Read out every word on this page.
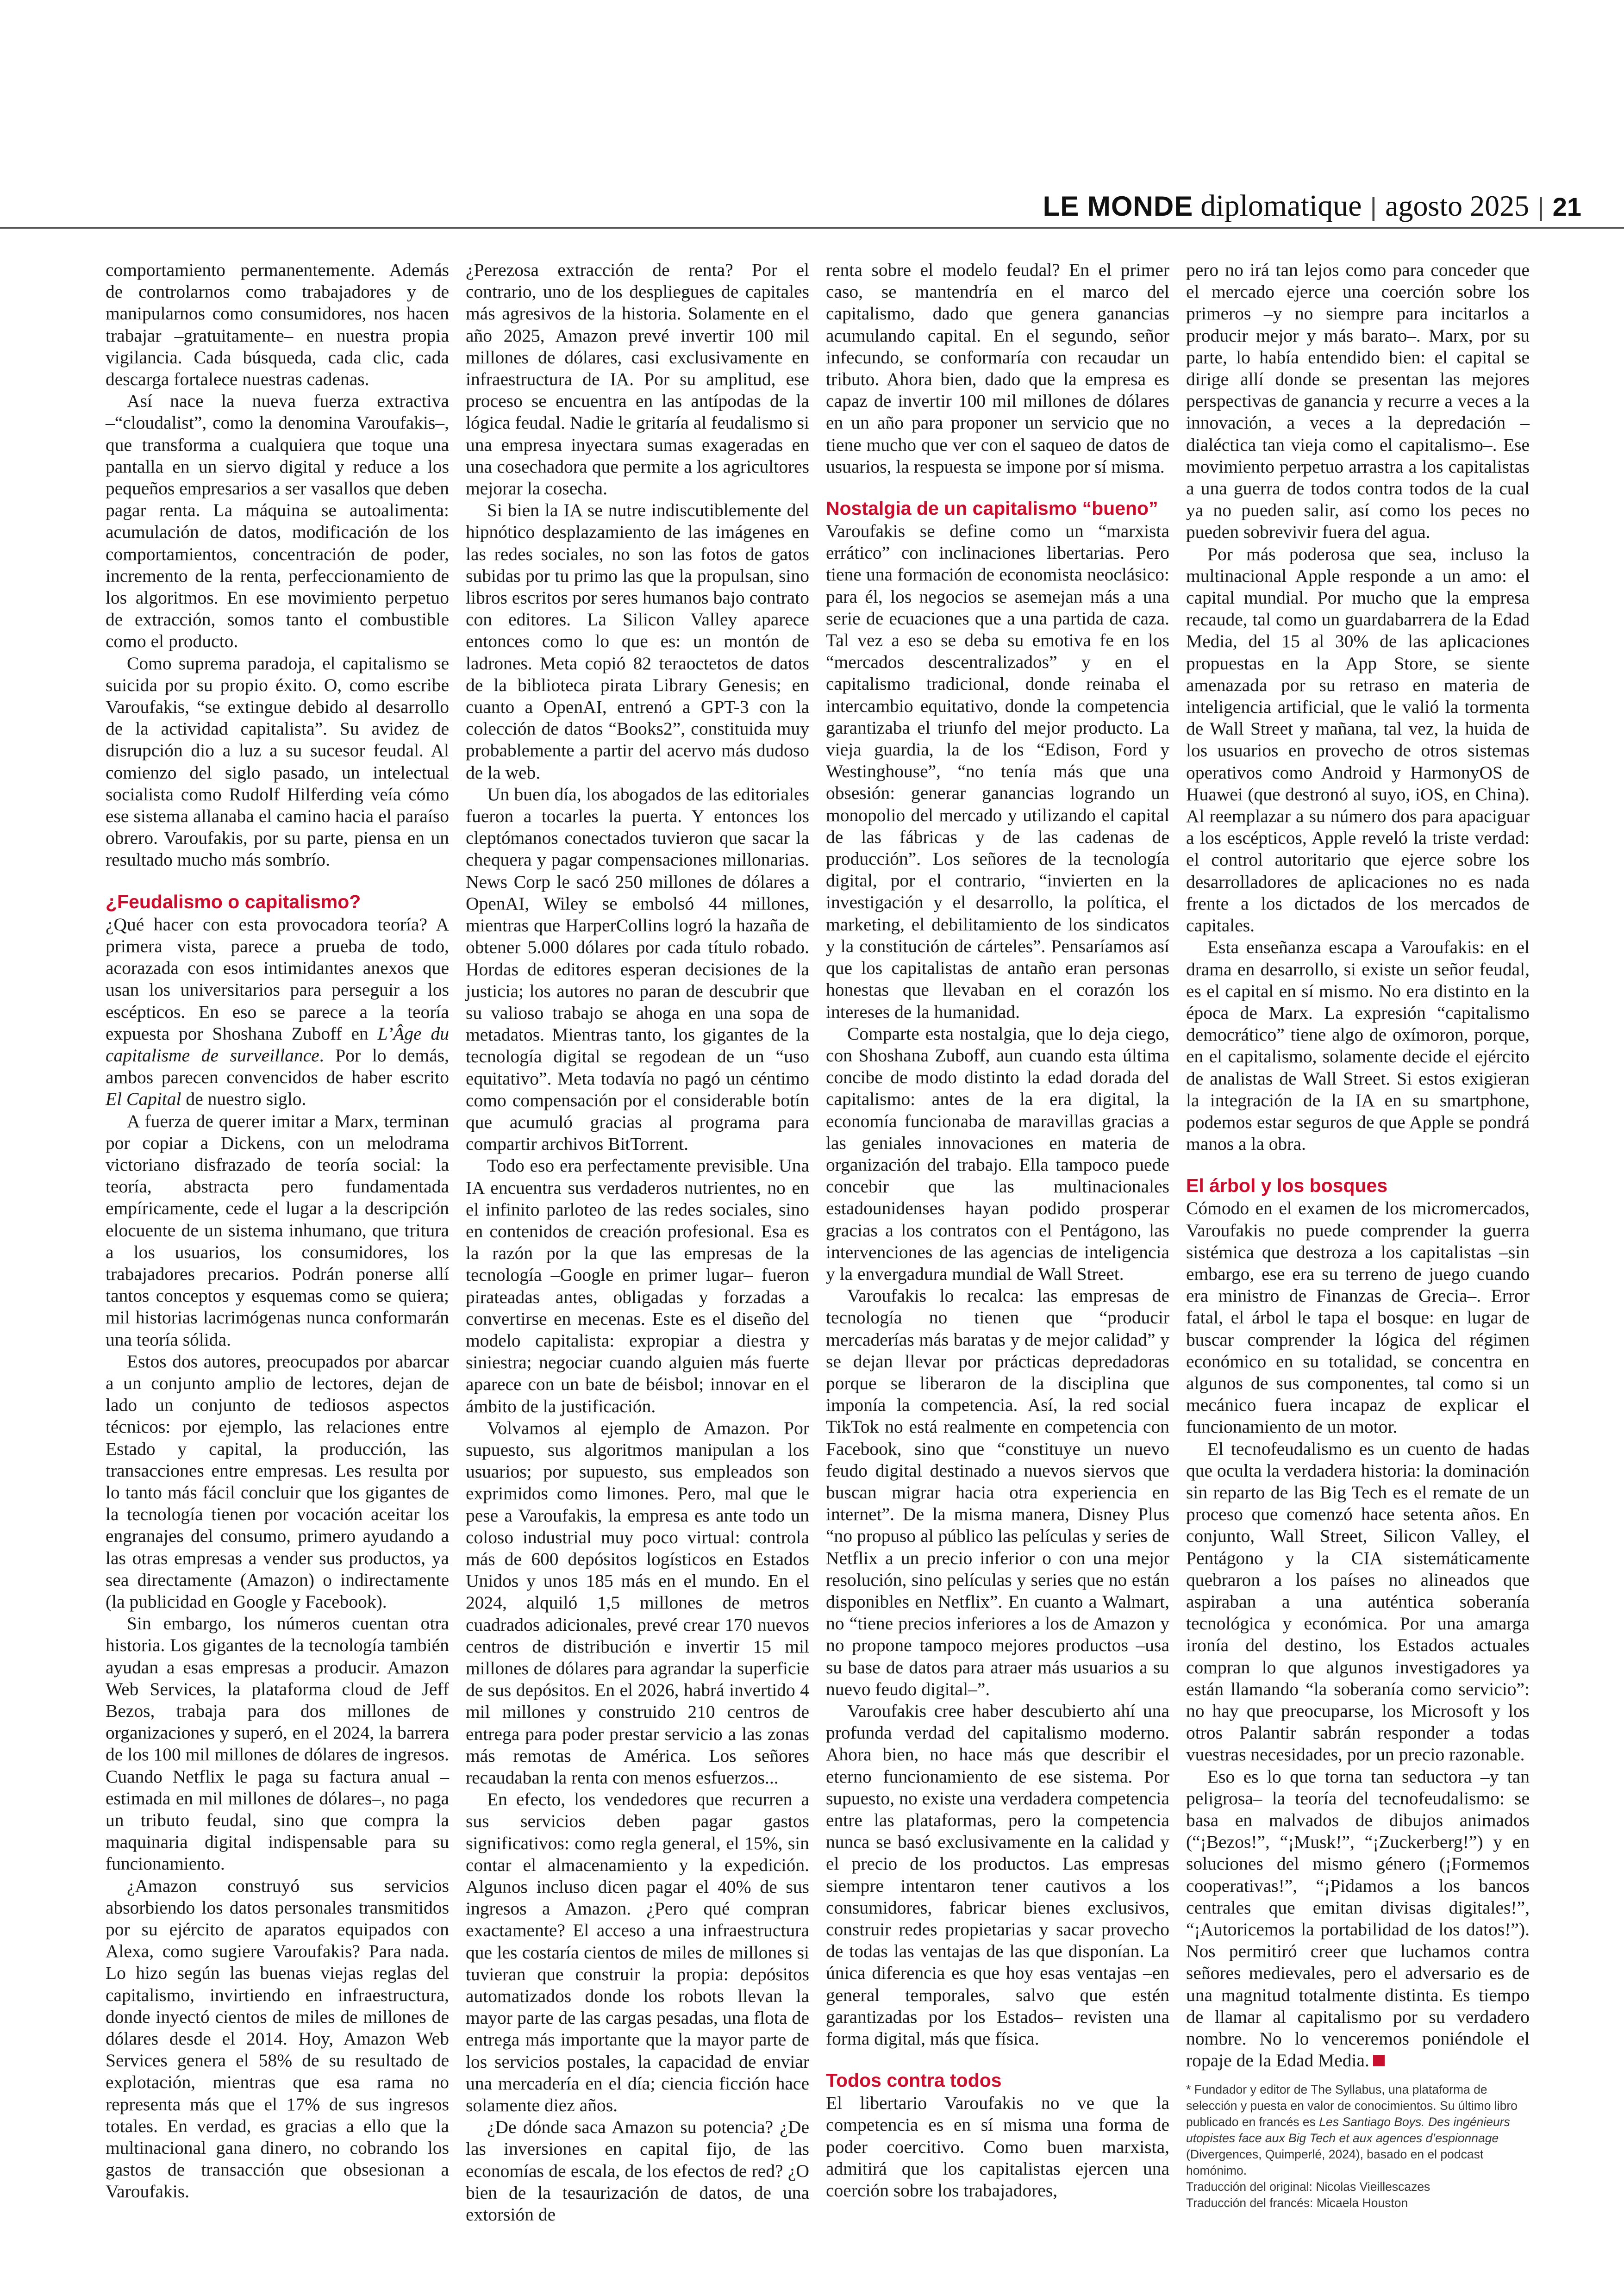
LE MONDE diplomatique | agosto 2025 | 21

comportamiento permanentemente. Además de controlarnos como trabajadores y de manipularnos como consumidores, nos hacen trabajar –gratuitamente– en nuestra propia vigilancia. Cada búsqueda, cada clic, cada descarga fortalece nuestras cadenas.

Así nace la nueva fuerza extractiva –“cloudalist”, como la denomina Varoufakis–, que transforma a cualquiera que toque una pantalla en un siervo digital y reduce a los pequeños empresarios a ser vasallos que deben pagar renta. La máquina se autoalimenta: acumulación de datos, modificación de los comportamientos, concentración de poder, incremento de la renta, perfeccionamiento de los algoritmos. En ese movimiento perpetuo de extracción, somos tanto el combustible como el producto.

Como suprema paradoja, el capitalismo se suicida por su propio éxito. O, como escribe Varoufakis, “se extingue debido al desarrollo de la actividad capitalista”. Su avidez de disrupción dio a luz a su sucesor feudal. Al comienzo del siglo pasado, un intelectual socialista como Rudolf Hilferding veía cómo ese sistema allanaba el camino hacia el paraíso obrero. Varoufakis, por su parte, piensa en un resultado mucho más sombrío.

¿Feudalismo o capitalismo?

¿Qué hacer con esta provocadora teoría? A primera vista, parece a prueba de todo, acorazada con esos intimidantes anexos que usan los universitarios para perseguir a los escépticos. En eso se parece a la teoría expuesta por Shoshana Zuboff en L’Âge du capitalisme de surveillance. Por lo demás, ambos parecen convencidos de haber escrito El Capital de nuestro siglo.

A fuerza de querer imitar a Marx, terminan por copiar a Dickens, con un melodrama victoriano disfrazado de teoría social: la teoría, abstracta pero fundamentada empíricamente, cede el lugar a la descripción elocuente de un sistema inhumano, que tritura a los usuarios, los consumidores, los trabajadores precarios. Podrán ponerse allí tantos conceptos y esquemas como se quiera; mil historias lacrimógenas nunca conformarán una teoría sólida.

Estos dos autores, preocupados por abarcar a un conjunto amplio de lectores, dejan de lado un conjunto de tediosos aspectos técnicos: por ejemplo, las relaciones entre Estado y capital, la producción, las transacciones entre empresas. Les resulta por lo tanto más fácil concluir que los gigantes de la tecnología tienen por vocación aceitar los engranajes del consumo, primero ayudando a las otras empresas a vender sus productos, ya sea directamente (Amazon) o indirectamente (la publicidad en Google y Facebook).

Sin embargo, los números cuentan otra historia. Los gigantes de la tecnología también ayudan a esas empresas a producir. Amazon Web Services, la plataforma cloud de Jeff Bezos, trabaja para dos millones de organizaciones y superó, en el 2024, la barrera de los 100 mil millones de dólares de ingresos. Cuando Netflix le paga su factura anual –estimada en mil millones de dólares–, no paga un tributo feudal, sino que compra la maquinaria digital indispensable para su funcionamiento.

¿Amazon construyó sus servicios absorbiendo los datos personales transmitidos por su ejército de aparatos equipados con Alexa, como sugiere Varoufakis? Para nada. Lo hizo según las buenas viejas reglas del capitalismo, invirtiendo en infraestructura, donde inyectó cientos de miles de millones de dólares desde el 2014. Hoy, Amazon Web Services genera el 58% de su resultado de explotación, mientras que esa rama no representa más que el 17% de sus ingresos totales. En verdad, es gracias a ello que la multinacional gana dinero, no cobrando los gastos de transacción que obsesionan a Varoufakis.

¿Perezosa extracción de renta? Por el contrario, uno de los despliegues de capitales más agresivos de la historia. Solamente en el año 2025, Amazon prevé invertir 100 mil millones de dólares, casi exclusivamente en infraestructura de IA. Por su amplitud, ese proceso se encuentra en las antípodas de la lógica feudal. Nadie le gritaría al feudalismo si una empresa inyectara sumas exageradas en una cosechadora que permite a los agricultores mejorar la cosecha.

Si bien la IA se nutre indiscutiblemente del hipnótico desplazamiento de las imágenes en las redes sociales, no son las fotos de gatos subidas por tu primo las que la propulsan, sino libros escritos por seres humanos bajo contrato con editores. La Silicon Valley aparece entonces como lo que es: un montón de ladrones. Meta copió 82 teraoctetos de datos de la biblioteca pirata Library Genesis; en cuanto a OpenAI, entrenó a GPT-3 con la colección de datos “Books2”, constituida muy probablemente a partir del acervo más dudoso de la web.

Un buen día, los abogados de las editoriales fueron a tocarles la puerta. Y entonces los cleptómanos conectados tuvieron que sacar la chequera y pagar compensaciones millonarias. News Corp le sacó 250 millones de dólares a OpenAI, Wiley se embolsó 44 millones, mientras que HarperCollins logró la hazaña de obtener 5.000 dólares por cada título robado. Hordas de editores esperan decisiones de la justicia; los autores no paran de descubrir que su valioso trabajo se ahoga en una sopa de metadatos. Mientras tanto, los gigantes de la tecnología digital se regodean de un “uso equitativo”. Meta todavía no pagó un céntimo como compensación por el considerable botín que acumuló gracias al programa para compartir archivos BitTorrent.

Todo eso era perfectamente previsible. Una IA encuentra sus verdaderos nutrientes, no en el infinito parloteo de las redes sociales, sino en contenidos de creación profesional. Esa es la razón por la que las empresas de la tecnología –Google en primer lugar– fueron pirateadas antes, obligadas y forzadas a convertirse en mecenas. Este es el diseño del modelo capitalista: expropiar a diestra y siniestra; negociar cuando alguien más fuerte aparece con un bate de béisbol; innovar en el ámbito de la justificación.

Volvamos al ejemplo de Amazon. Por supuesto, sus algoritmos manipulan a los usuarios; por supuesto, sus empleados son exprimidos como limones. Pero, mal que le pese a Varoufakis, la empresa es ante todo un coloso industrial muy poco virtual: controla más de 600 depósitos logísticos en Estados Unidos y unos 185 más en el mundo. En el 2024, alquiló 1,5 millones de metros cuadrados adicionales, prevé crear 170 nuevos centros de distribución e invertir 15 mil millones de dólares para agrandar la superficie de sus depósitos. En el 2026, habrá invertido 4 mil millones y construido 210 centros de entrega para poder prestar servicio a las zonas más remotas de América. Los señores recaudaban la renta con menos esfuerzos...

En efecto, los vendedores que recurren a sus servicios deben pagar gastos significativos: como regla general, el 15%, sin contar el almacenamiento y la expedición. Algunos incluso dicen pagar el 40% de sus ingresos a Amazon. ¿Pero qué compran exactamente? El acceso a una infraestructura que les costaría cientos de miles de millones si tuvieran que construir la propia: depósitos automatizados donde los robots llevan la mayor parte de las cargas pesadas, una flota de entrega más importante que la mayor parte de los servicios postales, la capacidad de enviar una mercadería en el día; ciencia ficción hace solamente diez años.

¿De dónde saca Amazon su potencia? ¿De las inversiones en capital fijo, de las economías de escala, de los efectos de red? ¿O bien de la tesaurización de datos, de una extorsión de

renta sobre el modelo feudal? En el primer caso, se mantendría en el marco del capitalismo, dado que genera ganancias acumulando capital. En el segundo, señor infecundo, se conformaría con recaudar un tributo. Ahora bien, dado que la empresa es capaz de invertir 100 mil millones de dólares en un año para proponer un servicio que no tiene mucho que ver con el saqueo de datos de usuarios, la respuesta se impone por sí misma.

Nostalgia de un capitalismo “bueno”

Varoufakis se define como un “marxista errático” con inclinaciones libertarias. Pero tiene una formación de economista neoclásico: para él, los negocios se asemejan más a una serie de ecuaciones que a una partida de caza. Tal vez a eso se deba su emotiva fe en los “mercados descentralizados” y en el capitalismo tradicional, donde reinaba el intercambio equitativo, donde la competencia garantizaba el triunfo del mejor producto. La vieja guardia, la de los “Edison, Ford y Westinghouse”, “no tenía más que una obsesión: generar ganancias logrando un monopolio del mercado y utilizando el capital de las fábricas y de las cadenas de producción”. Los señores de la tecnología digital, por el contrario, “invierten en la investigación y el desarrollo, la política, el marketing, el debilitamiento de los sindicatos y la constitución de cárteles”. Pensaríamos así que los capitalistas de antaño eran personas honestas que llevaban en el corazón los intereses de la humanidad.

Comparte esta nostalgia, que lo deja ciego, con Shoshana Zuboff, aun cuando esta última concibe de modo distinto la edad dorada del capitalismo: antes de la era digital, la economía funcionaba de maravillas gracias a las geniales innovaciones en materia de organización del trabajo. Ella tampoco puede concebir que las multinacionales estadounidenses hayan podido prosperar gracias a los contratos con el Pentágono, las intervenciones de las agencias de inteligencia y la envergadura mundial de Wall Street.

Varoufakis lo recalca: las empresas de tecnología no tienen que “producir mercaderías más baratas y de mejor calidad” y se dejan llevar por prácticas depredadoras porque se liberaron de la disciplina que imponía la competencia. Así, la red social TikTok no está realmente en competencia con Facebook, sino que “constituye un nuevo feudo digital destinado a nuevos siervos que buscan migrar hacia otra experiencia en internet”. De la misma manera, Disney Plus “no propuso al público las películas y series de Netflix a un precio inferior o con una mejor resolución, sino películas y series que no están disponibles en Netflix”. En cuanto a Walmart, no “tiene precios inferiores a los de Amazon y no propone tampoco mejores productos –usa su base de datos para atraer más usuarios a su nuevo feudo digital–”.

Varoufakis cree haber descubierto ahí una profunda verdad del capitalismo moderno. Ahora bien, no hace más que describir el eterno funcionamiento de ese sistema. Por supuesto, no existe una verdadera competencia entre las plataformas, pero la competencia nunca se basó exclusivamente en la calidad y el precio de los productos. Las empresas siempre intentaron tener cautivos a los consumidores, fabricar bienes exclusivos, construir redes propietarias y sacar provecho de todas las ventajas de las que disponían. La única diferencia es que hoy esas ventajas –en general temporales, salvo que estén garantizadas por los Estados– revisten una forma digital, más que física.

Todos contra todos

El libertario Varoufakis no ve que la competencia es en sí misma una forma de poder coercitivo. Como buen marxista, admitirá que los capitalistas ejercen una coerción sobre los trabajadores,

pero no irá tan lejos como para conceder que el mercado ejerce una coerción sobre los primeros –y no siempre para incitarlos a producir mejor y más barato–. Marx, por su parte, lo había entendido bien: el capital se dirige allí donde se presentan las mejores perspectivas de ganancia y recurre a veces a la innovación, a veces a la depredación –dialéctica tan vieja como el capitalismo–. Ese movimiento perpetuo arrastra a los capitalistas a una guerra de todos contra todos de la cual ya no pueden salir, así como los peces no pueden sobrevivir fuera del agua.

Por más poderosa que sea, incluso la multinacional Apple responde a un amo: el capital mundial. Por mucho que la empresa recaude, tal como un guardabarrera de la Edad Media, del 15 al 30% de las aplicaciones propuestas en la App Store, se siente amenazada por su retraso en materia de inteligencia artificial, que le valió la tormenta de Wall Street y mañana, tal vez, la huida de los usuarios en provecho de otros sistemas operativos como Android y HarmonyOS de Huawei (que destronó al suyo, iOS, en China). Al reemplazar a su número dos para apaciguar a los escépticos, Apple reveló la triste verdad: el control autoritario que ejerce sobre los desarrolladores de aplicaciones no es nada frente a los dictados de los mercados de capitales.

Esta enseñanza escapa a Varoufakis: en el drama en desarrollo, si existe un señor feudal, es el capital en sí mismo. No era distinto en la época de Marx. La expresión “capitalismo democrático” tiene algo de oxímoron, porque, en el capitalismo, solamente decide el ejército de analistas de Wall Street. Si estos exigieran la integración de la IA en su smartphone, podemos estar seguros de que Apple se pondrá manos a la obra.

El árbol y los bosques

Cómodo en el examen de los micromercados, Varoufakis no puede comprender la guerra sistémica que destroza a los capitalistas –sin embargo, ese era su terreno de juego cuando era ministro de Finanzas de Grecia–. Error fatal, el árbol le tapa el bosque: en lugar de buscar comprender la lógica del régimen económico en su totalidad, se concentra en algunos de sus componentes, tal como si un mecánico fuera incapaz de explicar el funcionamiento de un motor.

El tecnofeudalismo es un cuento de hadas que oculta la verdadera historia: la dominación sin reparto de las Big Tech es el remate de un proceso que comenzó hace setenta años. En conjunto, Wall Street, Silicon Valley, el Pentágono y la CIA sistemáticamente quebraron a los países no alineados que aspiraban a una auténtica soberanía tecnológica y económica. Por una amarga ironía del destino, los Estados actuales compran lo que algunos investigadores ya están llamando “la soberanía como servicio”: no hay que preocuparse, los Microsoft y los otros Palantir sabrán responder a todas vuestras necesidades, por un precio razonable.

Eso es lo que torna tan seductora –y tan peligrosa– la teoría del tecnofeudalismo: se basa en malvados de dibujos animados (“¡Bezos!”, “¡Musk!”, “¡Zuckerberg!”) y en soluciones del mismo género (¡Formemos cooperativas!”, “¡Pidamos a los bancos centrales que emitan divisas digitales!”, “¡Autoricemos la portabilidad de los datos!”). Nos permitiró creer que luchamos contra señores medievales, pero el adversario es de una magnitud totalmente distinta. Es tiempo de llamar al capitalismo por su verdadero nombre. No lo venceremos poniéndole el ropaje de la Edad Media.

* Fundador y editor de The Syllabus, una plataforma de selección y puesta en valor de conocimientos. Su último libro publicado en francés es Les Santiago Boys. Des ingénieurs utopistes face aux Big Tech et aux agences d’espionnage (Divergences, Quimperlé, 2024), basado en el podcast homónimo.
Traducción del original: Nicolas Vieillescazes
Traducción del francés: Micaela Houston
